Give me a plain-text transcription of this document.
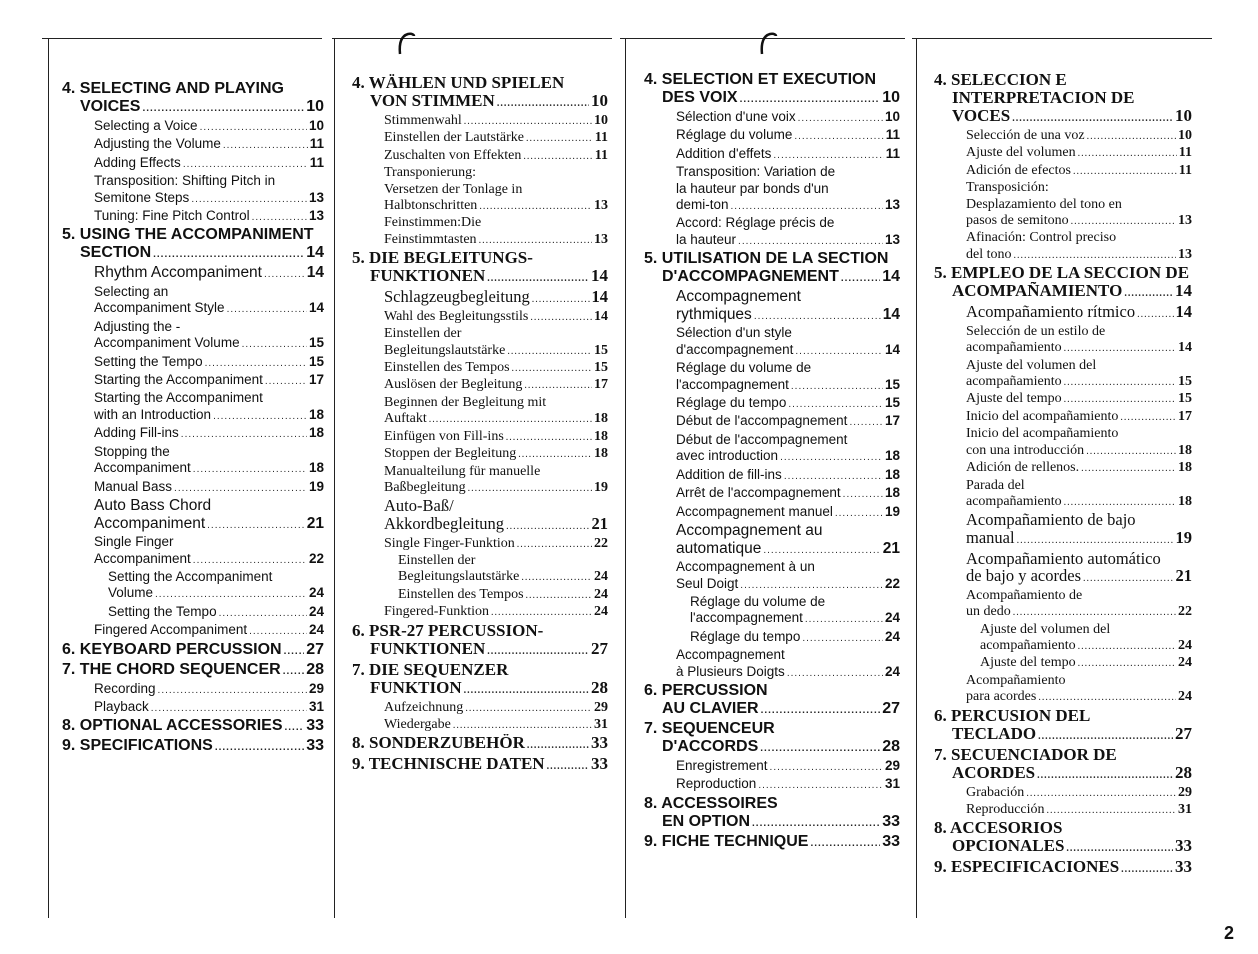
4. SELECTING AND PLAYING
VOICES .....	10
Selecting a Voice .....	10
Adjusting the Volume .....	11
Adding Effects .....	11
Transposition: Shifting Pitch in
Semitone Steps .....	13
Tuning: Fine Pitch Control .....	13
5. USING THE ACCOMPANIMENT
SECTION .....	14
Rhythm Accompaniment .....	14
Selecting an
Accompaniment Style .....	14
Adjusting the -
Accompaniment Volume .....	15
Setting the Tempo .....	15
Starting the Accompaniment .....	17
Starting the Accompaniment
with an Introduction .....	18
Adding Fill-ins .....	18
Stopping the
Accompaniment .....	18
Manual Bass .....	19
Auto Bass Chord
Accompaniment .....	21
Single Finger
Accompaniment .....	22
Setting the Accompaniment
Volume .....	24
Setting the Tempo .....	24
Fingered Accompaniment .....	24
6. KEYBOARD PERCUSSION ..... 27
7. THE CHORD SEQUENCER ..... 28
Recording .....	29
Playback .....	31
8. OPTIONAL ACCESSORIES ..... 33
9. SPECIFICATIONS .....	33
4. WÄHLEN UND SPIELEN
VON STIMMEN .....	10
Stimmenwahl .....	10
Einstellen der Lautstärke .....	11
Zuschalten von Effekten .....	11
Transponierung:
Versetzen der Tonlage in
Halbtonschritten .....	13
Feinstimmen:Die
Feinstimmtasten .....	13
5. DIE BEGLEITUNGS-
FUNKTIONEN .....	14
Schlagzeugbegleitung .....	14
Wahl des Begleitungsstils .....	14
Einstellen der
Begleitungslautstärke .....	15
Einstellen des Tempos .....	15
Auslösen der Begleitung .....	17
Beginnen der Begleitung mit
Auftakt .....	18
Einfügen von Fill-ins .....	18
Stoppen der Begleitung .....	18
Manualteilung für manuelle
Baßbegleitung .....	19
Auto-Baß/
Akkordbegleitung .....	21
Single Finger-Funktion .....	22
Einstellen der
Begleitungslautstärke .....	24
Einstellen des Tempos .....	24
Fingered-Funktion .....	24
6. PSR-27 PERCUSSION-
FUNKTIONEN .....	27
7. DIE SEQUENZER
FUNKTION .....	28
Aufzeichnung .....	29
Wiedergabe .....	31
8. SONDERZUBEHÖR .....	33
9. TECHNISCHE DATEN .....	33
4. SELECTION ET EXECUTION
DES VOIX .....	10
Sélection d'une voix .....	10
Réglage du volume .....	11
Addition d'effets .....	11
Transposition: Variation de
la hauteur par bonds d'un
demi-ton .....	13
Accord: Réglage précis de
la hauteur .....	13
5. UTILISATION DE LA SECTION
D'ACCOMPAGNEMENT .....	14
Accompagnement
rythmiques .....	14
Sélection d'un style
d'accompagnement .....	14
Réglage du volume de
l'accompagnement .....	15
Réglage du tempo .....	15
Début de l'accompagnement .....	17
Début de l'accompagnement
avec introduction .....	18
Addition de fill-ins .....	18
Arrêt de l'accompagnement .....	18
Accompagnement manuel .....	19
Accompagnement au
automatique .....	21
Accompagnement à un
Seul Doigt .....	22
Réglage du volume de
l'accompagnement .....	24
Réglage du tempo .....	24
Accompagnement
à Plusieurs Doigts .....	24
6. PERCUSSION
AU CLAVIER .....	27
7. SEQUENCEUR
D'ACCORDS .....	28
Enregistrement .....	29
Reproduction .....	31
8. ACCESSOIRES
EN OPTION .....	33
9. FICHE TECHNIQUE .....	33
4. SELECCION E
INTERPRETACION DE
VOCES .....	10
Selección de una voz .....	10
Ajuste del volumen .....	11
Adición de efectos .....	11
Transposición:
Desplazamiento del tono en
pasos de semitono .....	13
Afinación: Control preciso
del tono .....	13
5. EMPLEO DE LA SECCION DE
ACOMPAÑAMIENTO .....	14
Acompañamiento rítmico ..... 14
Selección de un estilo de
acompañamiento .....	14
Ajuste del volumen del
acompañamiento .....	15
Ajuste del tempo .....	15
Inicio del acompañamiento .....	17
Inicio del acompañamiento
con una introducción .....	18
Adición de rellenos. .....	18
Parada del
acompañamiento .....	18
Acompañamiento de bajo
manual .....	19
Acompañamiento automático
de bajo y acordes .....	21
Acompañamiento de
un dedo .....	22
Ajuste del volumen del
acompañamiento .....	24
Ajuste del tempo .....	24
Acompañamiento
para acordes .....	24
6. PERCUSION DEL
TECLADO .....	27
7. SECUENCIADOR DE
ACORDES .....	28
Grabación .....	29
Reproducción .....	31
8. ACCESORIOS
OPCIONALES .....	33
9. ESPECIFICACIONES .....	33
2
